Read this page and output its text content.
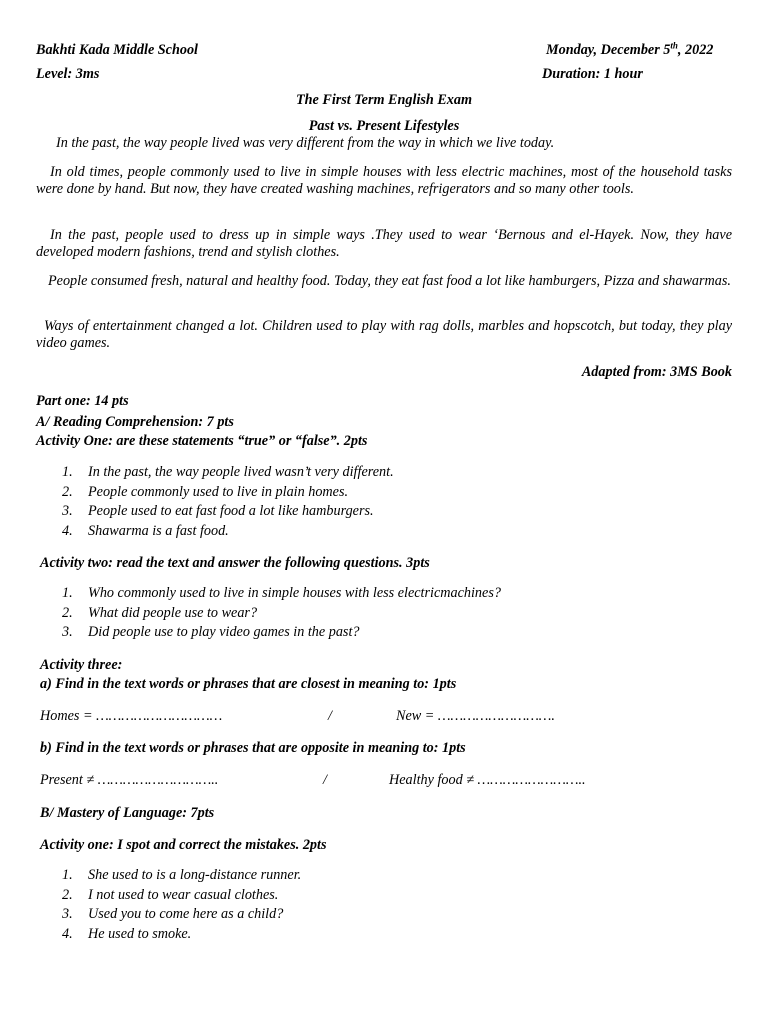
Bakhti Kada Middle School	Monday, December 5th, 2022
Level: 3ms	Duration: 1 hour
The First Term English Exam
Past vs. Present Lifestyles
In the past, the way people lived was very different from the way in which we live today.
In old times, people commonly used to live in simple houses with less electric machines, most of the household tasks were done by hand. But now, they have created washing machines, refrigerators and so many other tools.
In the past, people used to dress up in simple ways .They used to wear ‘Bernous and el-Hayek. Now, they have developed modern fashions, trend and stylish clothes.
People consumed fresh, natural and healthy food. Today, they eat fast food a lot like hamburgers, Pizza and shawarmas.
Ways of entertainment changed a lot. Children used to play with rag dolls, marbles and hopscotch, but today, they play video games.
Adapted from: 3MS Book
Part one: 14 pts
A/ Reading Comprehension: 7 pts
Activity One: are these statements “true” or “false”. 2pts
1. In the past, the way people lived wasn’t very different.
2. People commonly used to live in plain homes.
3. People used to eat fast food a lot like hamburgers.
4. Shawarma is a fast food.
Activity two: read the text and answer the following questions. 3pts
1. Who commonly used to live in simple houses with less electricmachines?
2. What did people use to wear?
3. Did people use to play video games in the past?
Activity three:
a) Find in the text words or phrases that are closest in meaning to: 1pts
Homes = …………………………	/	New = ……………………….
b) Find in the text words or phrases that are opposite in meaning to: 1pts
Present ≠ ………………………..	/	Healthy food ≠ ……………………..
B/ Mastery of Language: 7pts
Activity one: I spot and correct the mistakes. 2pts
1. She used to is a long-distance runner.
2. I not used to wear casual clothes.
3. Used you to come here as a child?
4. He used to smoke.
